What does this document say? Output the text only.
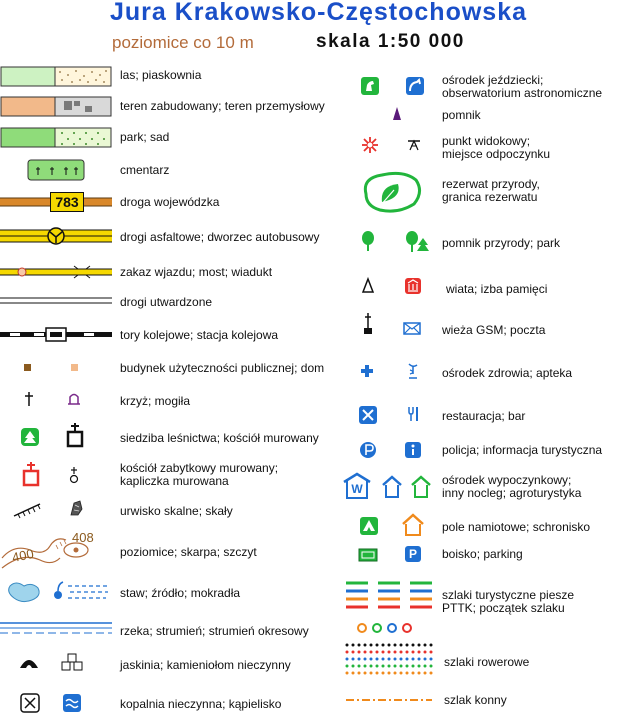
Jura Krakowsko-Częstochowska
poziomice co 10 m	skala 1:50 000
las; piaskownia
teren zabudowany; teren przemysłowy
park; sad
cmentarz
783	droga wojewódzka
drogi asfaltowe; dworzec autobusowy
zakaz wjazdu; most; wiadukt
drogi utwardzone
tory kolejowe; stacja kolejowa
budynek użyteczności publicznej; dom
krzyż; mogiła
siedziba leśnictwa; kościół murowany
kościół zabytkowy murowany;
kapliczka murowana
urwisko skalne; skały
400
408
poziomice; skarpa; szczyt
staw; źródło; mokradła
rzeka; strumień; strumień okresowy
jaskinia; kamieniołom nieczynny
kopalnia nieczynna; kąpielisko
ośrodek jeździecki;
obserwatorium astronomiczne
pomnik
punkt widokowy;
miejsce odpoczynku
rezerwat przyrody,
granica rezerwatu
pomnik przyrody; park
wiata; izba pamięci
wieża GSM; poczta
ośrodek zdrowia; apteka
restauracja; bar
policja; informacja turystyczna
W
ośrodek wypoczynkowy;
inny nocleg; agroturystyka
pole namiotowe; schronisko
P	boisko; parking
szlaki turystyczne piesze
PTTK; początek szlaku
szlaki rowerowe
szlak konny
